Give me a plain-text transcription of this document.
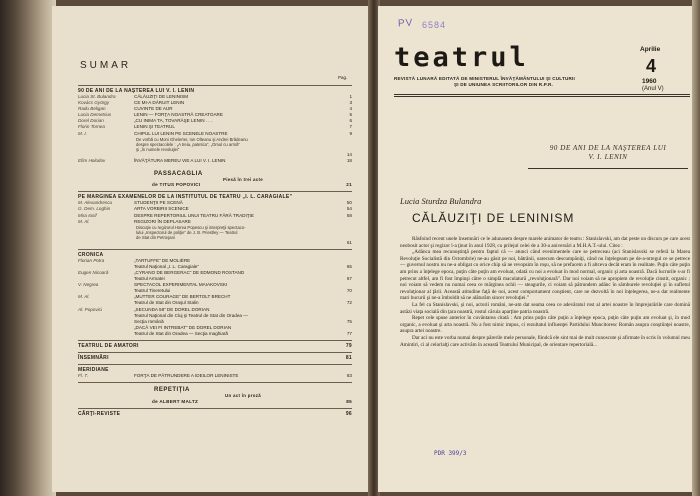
SUMAR
Pag.
90 DE ANI DE LA NAŞTEREA LUI V. I. LENIN
Lucia St. Bulandra	CĂLĂUZIŢI DE LENINISM	1
Kovács György	CE MI-A DĂRUIT LENIN	3
Radu Beligan	CUVINTE DE AUR	4
Lucia Demetrius	LENIN — FORŢA NOASTRĂ CREATOARE	5
Dorel Dorian	„CU INIMA TA, TOVARĂŞE LENIN . . .	6
Florin Tornea	LENIN ŞI TEATRUL	7
M. I.	CHIPUL LUI LENIN PE SCENELE NOASTRE	9
De vorbă cu Moni Ghelerter, Ion Olteanu şi Andrei Brădeanu
despre spectacolele : „A treia, patetica”, „Omul cu armă”
şi „În numele revoluţiei”
14
Efim Holodov	ÎNVĂŢĂTURA MEREU VIE A LUI V. I. LENIN	18
PASSACAGLIA
Piesă în trei acte
de TITUS POPOVICI	21
PE MARGINEA EXAMENELOR DE LA INSTITUTUL DE TEATRU „I. L. CARAGIALE”
M. Alexandrescu	STUDENŢII PE SCENĂ	50
G. Dem. Loghin	ARTA VORBIRII SCENICE	54
Mira Iosif	DESPRE REPERTORIUL UNUI TEATRU FĂRĂ TRADIŢIE	58
M. Al.	REGIZORI ÎN DEPLASARE
Discuţie cu regizorul Horea Popescu şi interpreţii spectaco-
lului „Inspectorul de poliţie” de J. B. Priestley — Teatrul
de Stat din Petroşani
61
CRONICA
Florian Potra	„TARTUFFE” DE MOLIÈRE
Teatrul Naţional „I. L. Caragiale”	65
Eugen Nicoară	„CYRANO DE BERGERAC” DE EDMOND ROSTAND
Teatrul Armatei	67
V. Negrea	SPECTACOL EXPERIMENTAL MAIAKOVSKI
Teatrul Tineretului	70
M. Al.	„MUTTER COURAGE” DE BERTOLT BRECHT
Teatrul de Stat din Oraşul Stalin	72
Al. Popovici	„SECUNDA 58” DE DOREL DORIAN
Teatrul Naţional din Cluj şi Teatrul de Stat din Oradea —
Secţia română	75
„DACĂ VEI FI INTREBAT” DE DOREL DORIAN
Teatrul de Stat din Oradea — Secţia maghiară	77
TEATRUL DE AMATORI	79
ÎNSEMNĂRI	81
MERIDIANE
Fl. T.	FORŢA DE PĂTRUNDERE A IDEILOR LENINISTE	83
REPETIŢIA
Un act în proză
de ALBERT MALTZ	85
CĂRŢI-REVISTE	96
PV 6584
teatrul	Aprilie
4
1960
(Anul V)
REVISTĂ LUNARĂ EDITATĂ DE MINISTERUL ÎNVĂŢĂMÂNTULUI ŞI CULTURII
ŞI DE UNIUNEA SCRIITORILOR DIN R.P.R.
90 DE ANI DE LA NAŞTEREA LUI
V. I. LENIN
Lucia Sturdza Bulandra
CĂLĂUZIŢI DE LENINISM

Răsfoind recent unele însemnări ce le adunasem despre marele animator de teatru : Stanislavski, am dat peste un discurs pe care acest neobosit actor şi regizor l-a ţinut în anul 1928, cu prilejul celei de a 30-a aniversări a M.H.A.T.-ului. Citez :

„Adânca mea recunoştinţă pentru faptul că — atunci când evenimentele care se petreceau (aci Stanislavski se referă la Marea Revoluţie Socialistă din Octombrie) ne-au găsit pe noi, bătrânii, oarecum descumpăniţi, când nu înţelegeam pe de-a-ntregul ce se petrece — guvernul nostru nu ne-a obligat cu orice chip să ne revopsim în roşu, să ne prefacem a fi altceva decât eram în realitate. Puţin câte puţin am prins a înţelege epoca, puţin câte puţin am evoluat, odată cu noi a evoluat în mod normal, organic şi arta noastră. Dacă lucrurile s-ar fi petrecut altfel, am fi fost împinşi către o simplă maculatură „revoluţionară”. Dar noi voiam să ne apropiem de revoluţie cinstit, organic ; noi voiam să vedem nu numai ceea ce mărginea ochii — steagurile, ci voiam să pătrundem adânc în sâmburele revoluţiei şi în sufletul revoluţionar al ţării. Această atitudine faţă de noi, acest comportament conştient, care ne dezvoltă în noi înţelegerea, ne-a dat realmente mari bucurii şi ne-a îmboldit să ne alăturăm sincer revoluţiei.”

La fel ca Stanislavski, şi noi, actorii români, ne-am dat seama ceea ce adevăratul rost al artei noastre în împrejurările care domină astăzi viaţa socială din ţara noastră, rostul căruia aparţine patria noastră.

Repet cele spuse anterior în cuvântarea citată : Am prins puţin câte puţin a înţelege epoca, puţin câte puţin am evoluat şi, în mod organic, a evoluat şi arta noastră. Nu a fost nimic impus, ci rezultatul influenţei Partidului Muncitoresc Român asupra conştiinţei noastre, asupra artei noastre.

Dar aci nu este vorba numai despre părerile mele personale, fiindcă ele sint mai de mult cunoscute şi afirmate în scris în volumul meu Amintiri, ci al celorlalţi care activăm în această Teatrului Municipal, de orientare repertorială...

PDR 399/3
